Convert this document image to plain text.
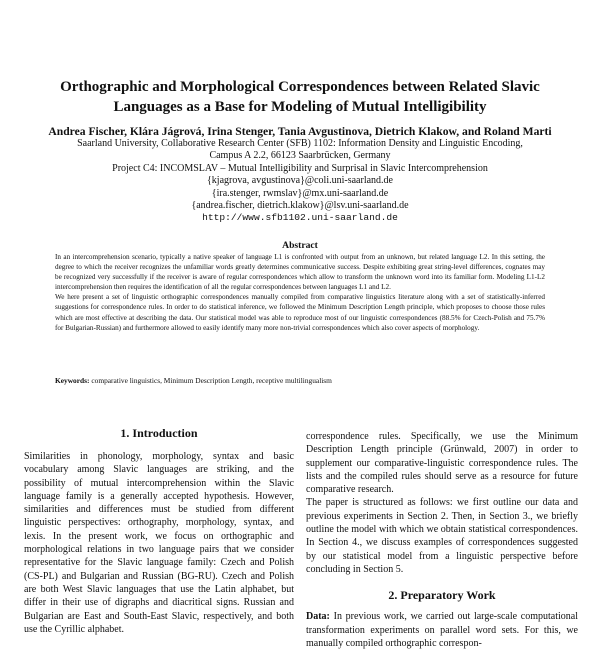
Orthographic and Morphological Correspondences between Related Slavic
Languages as a Base for Modeling of Mutual Intelligibility
Andrea Fischer, Klára Jágrová, Irina Stenger, Tania Avgustinova, Dietrich Klakow, and Roland Marti
Saarland University, Collaborative Research Center (SFB) 1102: Information Density and Linguistic Encoding,
Campus A 2.2, 66123 Saarbrücken, Germany
Project C4: INCOMSLAV – Mutual Intelligibility and Surprisal in Slavic Intercomprehension
{kjagrova, avgustinova}@coli.uni-saarland.de
{ira.stenger, rwmslav}@mx.uni-saarland.de
{andrea.fischer, dietrich.klakow}@lsv.uni-saarland.de
http://www.sfb1102.uni-saarland.de
Abstract

In an intercomprehension scenario, typically a native speaker of language L1 is confronted with output from an unknown, but related language L2. In this setting, the degree to which the receiver recognizes the unfamiliar words greatly determines communicative success. Despite exhibiting great string-level differences, cognates may be recognized very successfully if the receiver is aware of regular correspondences which allow to transform the unknown word into its familiar form. Modeling L1-L2 intercomprehension then requires the identification of all the regular correspondences between languages L1 and L2.

We here present a set of linguistic orthographic correspondences manually compiled from comparative linguistics literature along with a set of statistically-inferred suggestions for correspondence rules. In order to do statistical inference, we followed the Minimum Description Length principle, which proposes to choose those rules which are most effective at describing the data. Our statistical model was able to reproduce most of our linguistic correspondences (88.5% for Czech-Polish and 75.7% for Bulgarian-Russian) and furthermore allowed to easily identify many more non-trivial correspondences which also cover aspects of morphology.

Keywords: comparative linguistics, Minimum Description Length, receptive multilingualism
1. Introduction

Similarities in phonology, morphology, syntax and basic vocabulary among Slavic languages are striking, and the possibility of mutual intercomprehension within the Slavic language family is a generally accepted hypothesis. However, similarities and differences must be studied from different linguistic perspectives: orthography, morphology, syntax, and lexis. In the present work, we focus on orthographic and morphological relations in two language pairs that we consider representative for the Slavic language family: Czech and Polish (CS-PL) and Bulgarian and Russian (BG-RU). Czech and Polish are both West Slavic languages that use the Latin alphabet, but differ in their use of digraphs and diacritical signs. Russian and Bulgarian are East and South-East Slavic, respectively, and both use the Cyrillic alphabet.

correspondence rules. Specifically, we use the Minimum Description Length principle (Grünwald, 2007) in order to supplement our comparative-linguistic correspondence rules. The lists and the compiled rules should serve as a resource for future comparative research.

The paper is structured as follows: we first outline our data and previous experiments in Section 2. Then, in Section 3., we briefly outline the model with which we obtain statistical correspondences. In Section 4., we discuss examples of correspondences suggested by our statistical model from a linguistic perspective before concluding in Section 5.

2. Preparatory Work

Data: In previous work, we carried out large-scale computational transformation experiments on parallel word sets. For this, we manually compiled orthographic correspon-
